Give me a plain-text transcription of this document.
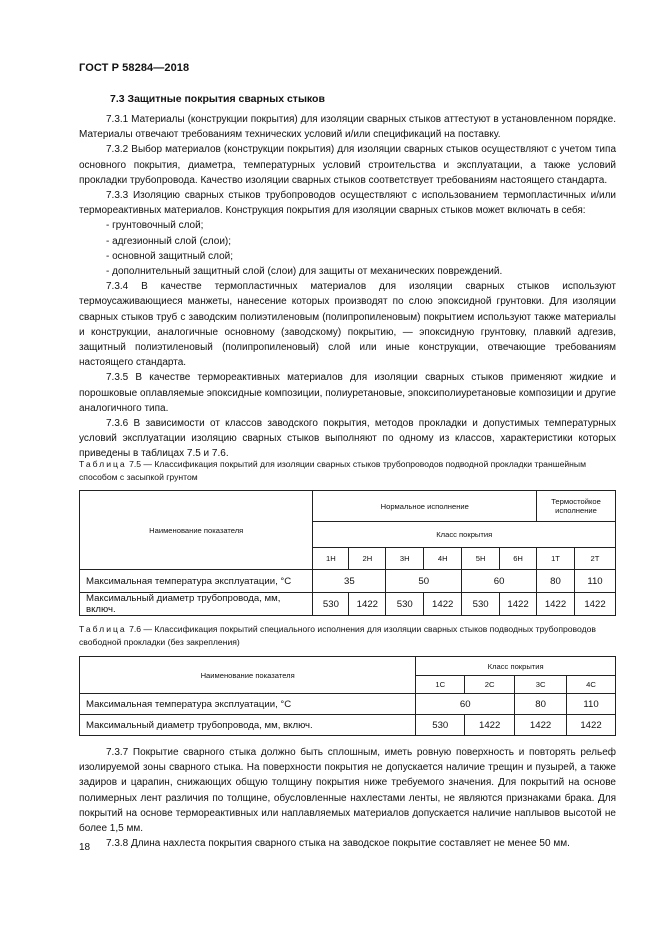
ГОСТ Р 58284—2018
7.3 Защитные покрытия сварных стыков

7.3.1 Материалы (конструкции покрытия) для изоляции сварных стыков аттестуют в установленном порядке. Материалы отвечают требованиям технических условий и/или спецификаций на поставку.

7.3.2 Выбор материалов (конструкции покрытия) для изоляции сварных стыков осуществляют с учетом типа основного покрытия, диаметра, температурных условий строительства и эксплуатации, а также условий прокладки трубопровода. Качество изоляции сварных стыков соответствует требованиям настоящего стандарта.

7.3.3 Изоляцию сварных стыков трубопроводов осуществляют с использованием термопластичных и/или термореактивных материалов. Конструкция покрытия для изоляции сварных стыков может включать в себя:

- грунтовочный слой;

- адгезионный слой (слои);

- основной защитный слой;

- дополнительный защитный слой (слои) для защиты от механических повреждений.

7.3.4 В качестве термопластичных материалов для изоляции сварных стыков используют термоусаживающиеся манжеты, нанесение которых производят по слою эпоксидной грунтовки. Для изоляции сварных стыков труб с заводским полиэтиленовым (полипропиленовым) покрытием используют также материалы и конструкции, аналогичные основному (заводскому) покрытию, — эпоксидную грунтовку, плавкий адгезив, защитный полиэтиленовый (полипропиленовый) слой или иные конструкции, отвечающие требованиям настоящего стандарта.

7.3.5 В качестве термореактивных материалов для изоляции сварных стыков применяют жидкие и порошковые оплавляемые эпоксидные композиции, полиуретановые, эпоксиполиуретановые композиции и другие аналогичного типа.

7.3.6 В зависимости от классов заводского покрытия, методов прокладки и допустимых температурных условий эксплуатации изоляцию сварных стыков выполняют по одному из классов, характеристики которых приведены в таблицах 7.5 и 7.6.

Таблица 7.5 — Классификация покрытий для изоляции сварных стыков трубопроводов подводной прокладки траншейным способом с засыпкой грунтом
Наименование показателя	Нормальное исполнение						Термостойкое исполнение	
	Класс покрытия							
	1Н	2Н	3Н	4Н	5Н	6Н	1Т	2Т
Максимальная температура эксплуатации, °С	35		50		60		80	110
Максимальный диаметр трубопровода, мм, включ.	530	1422	530	1422	530	1422	1422	1422
Таблица 7.6 — Классификация покрытий специального исполнения для изоляции сварных стыков подводных трубопроводов свободной прокладки (без закрепления)
Наименование показателя	Класс покрытия			
	1С	2С	3С	4С
Максимальная температура эксплуатации, °С	60		80	110
Максимальный диаметр трубопровода, мм, включ.	530	1422	1422	1422

7.3.7 Покрытие сварного стыка должно быть сплошным, иметь ровную поверхность и повторять рельеф изолируемой зоны сварного стыка. На поверхности покрытия не допускается наличие трещин и пузырей, а также задиров и царапин, снижающих общую толщину покрытия ниже требуемого значения. Для покрытий на основе полимерных лент различия по толщине, обусловленные нахлестами ленты, не являются признаками брака. Для покрытий на основе термореактивных или наплавляемых материалов допускается наличие наплывов высотой не более 1,5 мм.

7.3.8 Длина нахлеста покрытия сварного стыка на заводское покрытие составляет не менее 50 мм.

18
